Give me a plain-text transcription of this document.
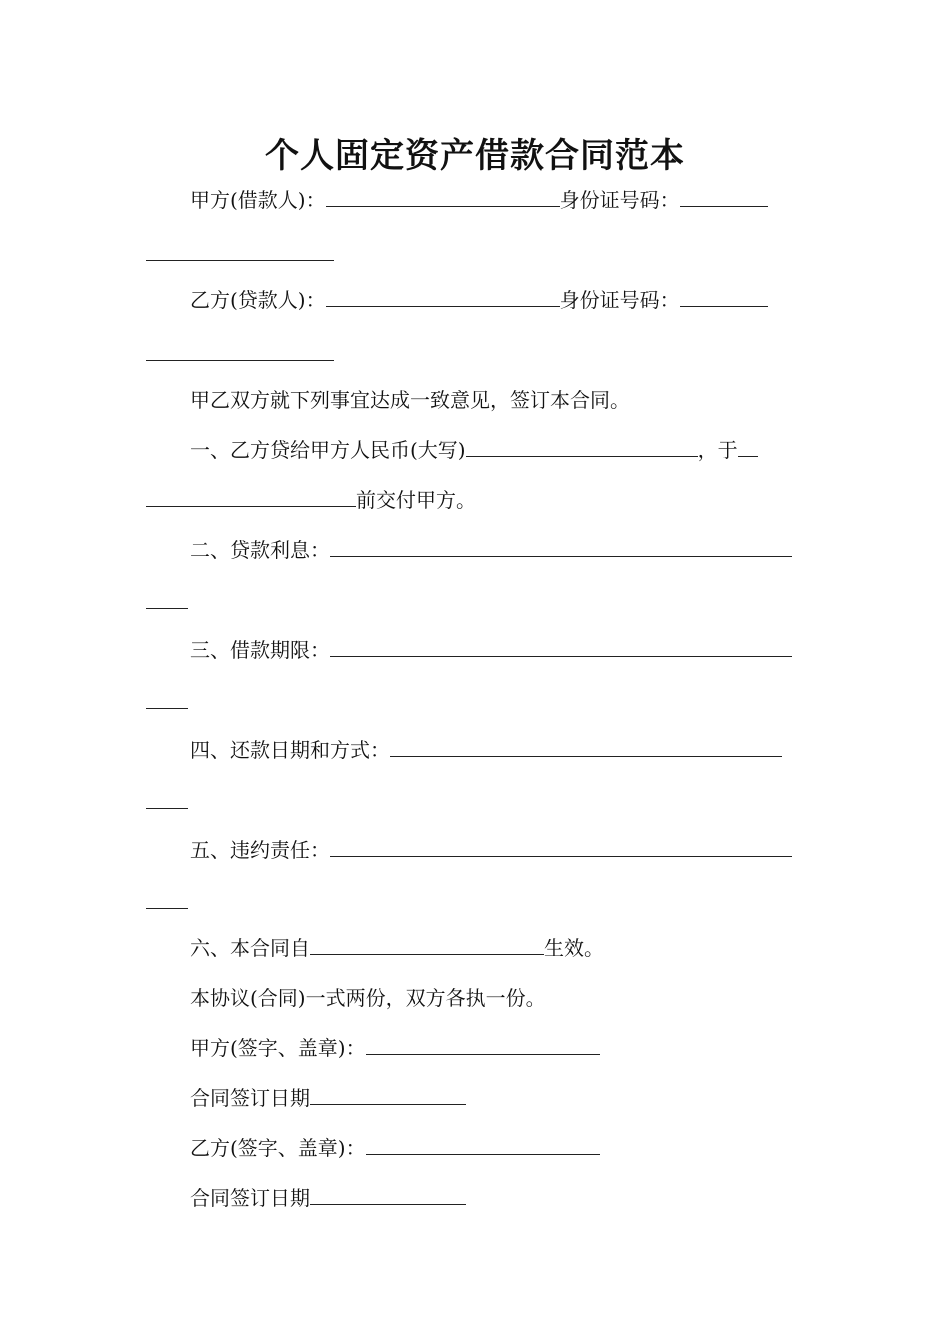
个人固定资产借款合同范本
甲方(借款人)：	身份证号码：
乙方(贷款人)：	身份证号码：
甲乙双方就下列事宜达成一致意见，签订本合同。
一、乙方贷给甲方人民币(大写)	，于
前交付甲方。
二、贷款利息：
三、借款期限：
四、还款日期和方式：
五、违约责任：
六、本合同自	生效。
本协议(合同)一式两份，双方各执一份。
甲方(签字、盖章)：
合同签订日期
乙方(签字、盖章)：
合同签订日期
